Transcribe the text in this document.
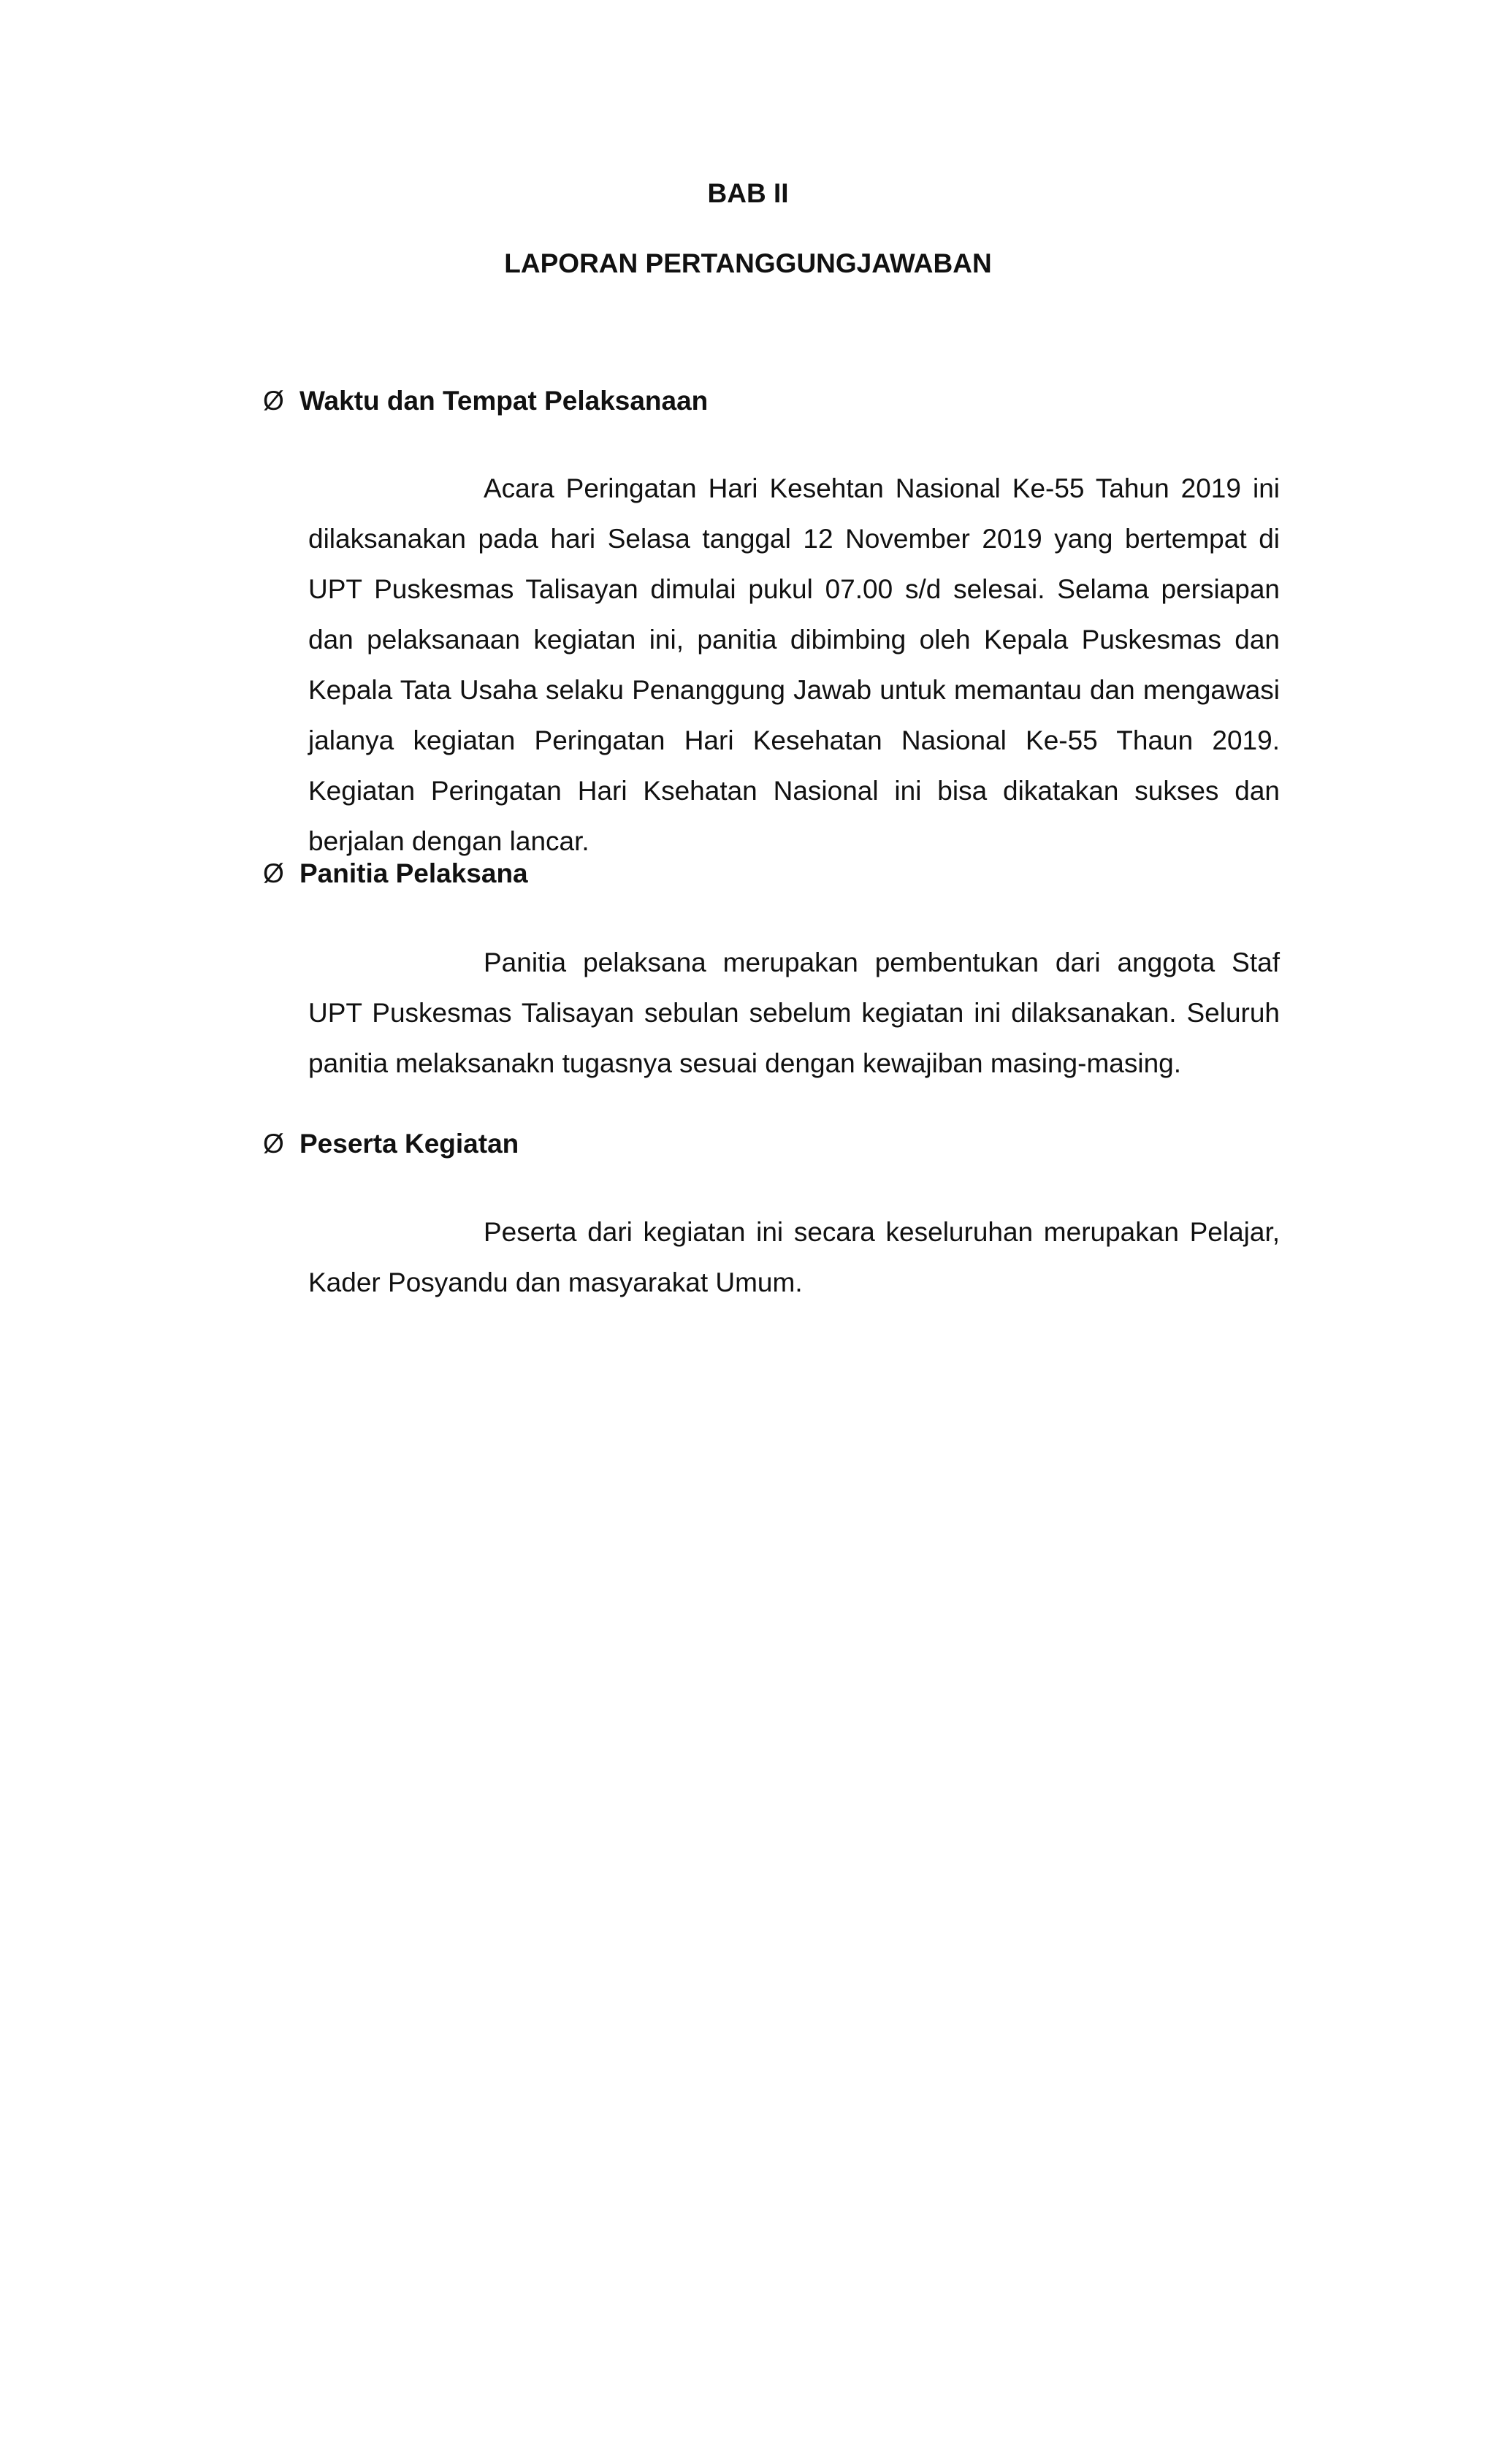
BAB II
LAPORAN PERTANGGUNGJAWABAN
Ø Waktu dan Tempat Pelaksanaan

Acara Peringatan Hari Kesehtan Nasional Ke-55 Tahun 2019 ini dilaksanakan pada hari Selasa tanggal 12 November 2019 yang bertempat di UPT Puskesmas Talisayan dimulai pukul 07.00 s/d selesai. Selama persiapan dan pelaksanaan kegiatan ini, panitia dibimbing oleh Kepala Puskesmas dan Kepala Tata Usaha selaku Penanggung Jawab untuk memantau dan mengawasi jalanya kegiatan Peringatan Hari Kesehatan Nasional Ke-55 Thaun 2019. Kegiatan Peringatan Hari Ksehatan Nasional ini bisa dikatakan sukses dan berjalan dengan lancar.

Ø Panitia Pelaksana

Panitia pelaksana merupakan pembentukan dari anggota Staf UPT Puskesmas Talisayan sebulan sebelum kegiatan ini dilaksanakan. Seluruh panitia melaksanakn tugasnya sesuai dengan kewajiban masing-masing.

Ø Peserta Kegiatan

Peserta dari kegiatan ini secara keseluruhan merupakan Pelajar, Kader Posyandu dan masyarakat Umum.
